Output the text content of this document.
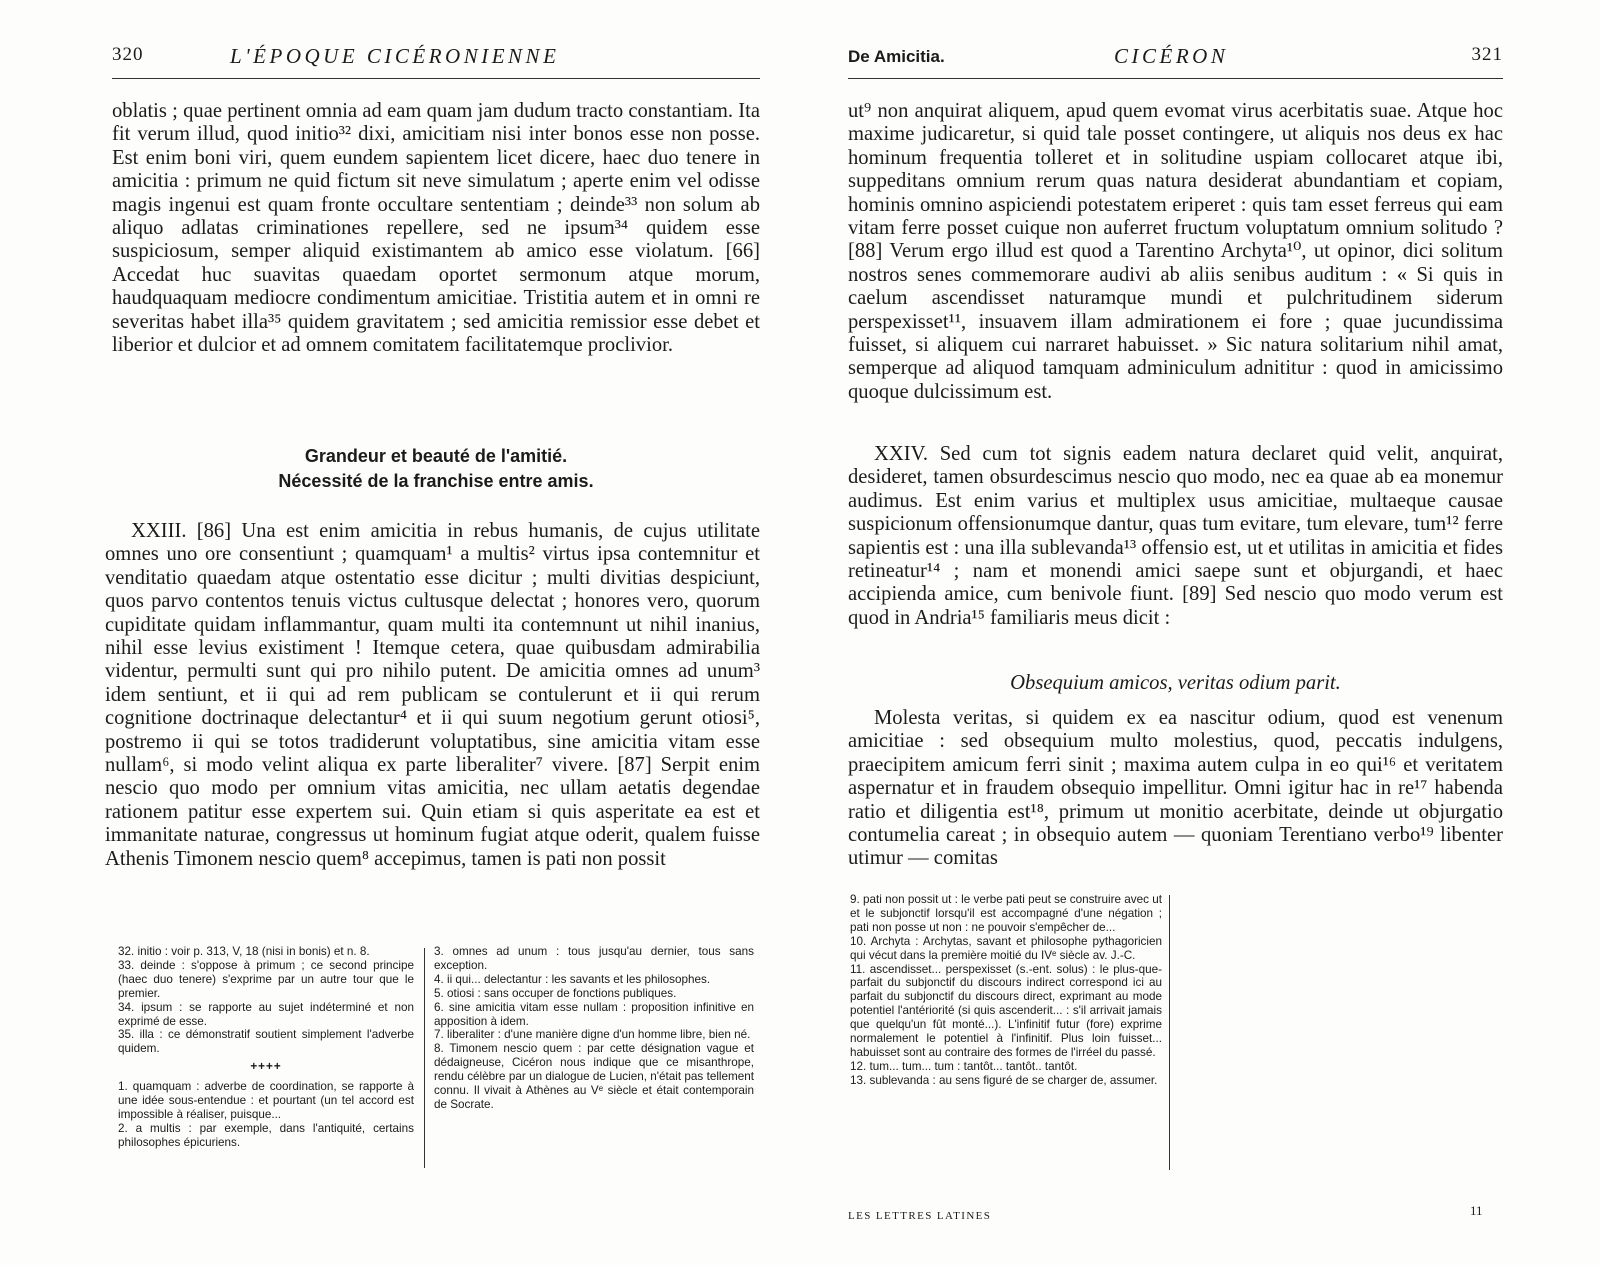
320	L'ÉPOQUE CICÉRONIENNE

oblatis ; quae pertinent omnia ad eam quam jam dudum tracto constantiam. Ita fit verum illud, quod initio³² dixi, amicitiam nisi inter bonos esse non posse. Est enim boni viri, quem eundem sapientem licet dicere, haec duo tenere in amicitia : primum ne quid fictum sit neve simulatum ; aperte enim vel odisse magis ingenui est quam fronte occultare sententiam ; deinde³³ non solum ab aliquo adlatas criminationes repellere, sed ne ipsum³⁴ quidem esse suspiciosum, semper aliquid existimantem ab amico esse violatum. [66] Accedat huc suavitas quaedam oportet sermonum atque morum, haudquaquam mediocre condimentum amicitiae. Tristitia autem et in omni re severitas habet illa³⁵ quidem gravitatem ; sed amicitia remissior esse debet et liberior et dulcior et ad omnem comitatem facilitatemque proclivior.

Grandeur et beauté de l'amitié.
Nécessité de la franchise entre amis.

XXIII. [86] Una est enim amicitia in rebus humanis, de cujus utilitate omnes uno ore consentiunt ; quamquam¹ a multis² virtus ipsa contemnitur et venditatio quaedam atque ostentatio esse dicitur ; multi divitias despiciunt, quos parvo contentos tenuis victus cultusque delectat ; honores vero, quorum cupiditate quidam inflammantur, quam multi ita contemnunt ut nihil inanius, nihil esse levius existiment ! Itemque cetera, quae quibusdam admirabilia videntur, permulti sunt qui pro nihilo putent. De amicitia omnes ad unum³ idem sentiunt, et ii qui ad rem publicam se contulerunt et ii qui rerum cognitione doctrinaque delectantur⁴ et ii qui suum negotium gerunt otiosi⁵, postremo ii qui se totos tradiderunt voluptatibus, sine amicitia vitam esse nullam⁶, si modo velint aliqua ex parte liberaliter⁷ vivere. [87] Serpit enim nescio quo modo per omnium vitas amicitia, nec ullam aetatis degendae rationem patitur esse expertem sui. Quin etiam si quis asperitate ea est et immanitate naturae, congressus ut hominum fugiat atque oderit, qualem fuisse Athenis Timonem nescio quem⁸ accepimus, tamen is pati non possit

32. initio : voir p. 313, V, 18 (nisi in bonis) et n. 8.

33. deinde : s'oppose à primum ; ce second principe (haec duo tenere) s'exprime par un autre tour que le premier.

34. ipsum : se rapporte au sujet indéterminé et non exprimé de esse.

35. illa : ce démonstratif soutient simplement l'adverbe quidem.

++++

1. quamquam : adverbe de coordination, se rapporte à une idée sous-entendue : et pourtant (un tel accord est impossible à réaliser, puisque...

2. a multis : par exemple, dans l'antiquité, certains philosophes épicuriens.

3. omnes ad unum : tous jusqu'au dernier, tous sans exception.

4. ii qui... delectantur : les savants et les philosophes.

5. otiosi : sans occuper de fonctions publiques.

6. sine amicitia vitam esse nullam : proposition infinitive en apposition à idem.

7. liberaliter : d'une manière digne d'un homme libre, bien né.

8. Timonem nescio quem : par cette désignation vague et dédaigneuse, Cicéron nous indique que ce misanthrope, rendu célèbre par un dialogue de Lucien, n'était pas tellement connu. Il vivait à Athènes au Vᵉ siècle et était contemporain de Socrate.

De Amicitia.	CICÉRON	321

ut⁹ non anquirat aliquem, apud quem evomat virus acerbitatis suae. Atque hoc maxime judicaretur, si quid tale posset contingere, ut aliquis nos deus ex hac hominum frequentia tolleret et in solitudine uspiam collocaret atque ibi, suppeditans omnium rerum quas natura desiderat abundantiam et copiam, hominis omnino aspiciendi potestatem eriperet : quis tam esset ferreus qui eam vitam ferre posset cuique non auferret fructum voluptatum omnium solitudo ? [88] Verum ergo illud est quod a Tarentino Archyta¹⁰, ut opinor, dici solitum nostros senes commemorare audivi ab aliis senibus auditum : « Si quis in caelum ascendisset naturamque mundi et pulchritudinem siderum perspexisset¹¹, insuavem illam admirationem ei fore ; quae jucundissima fuisset, si aliquem cui narraret habuisset. » Sic natura solitarium nihil amat, semperque ad aliquod tamquam adminiculum adnititur : quod in amicissimo quoque dulcissimum est.

XXIV. Sed cum tot signis eadem natura declaret quid velit, anquirat, desideret, tamen obsurdescimus nescio quo modo, nec ea quae ab ea monemur audimus. Est enim varius et multiplex usus amicitiae, multaeque causae suspicionum offensionumque dantur, quas tum evitare, tum elevare, tum¹² ferre sapientis est : una illa sublevanda¹³ offensio est, ut et utilitas in amicitia et fides retineatur¹⁴ ; nam et monendi amici saepe sunt et objurgandi, et haec accipienda amice, cum benivole fiunt. [89] Sed nescio quo modo verum est quod in Andria¹⁵ familiaris meus dicit :

Obsequium amicos, veritas odium parit.

Molesta veritas, si quidem ex ea nascitur odium, quod est venenum amicitiae : sed obsequium multo molestius, quod, peccatis indulgens, praecipitem amicum ferri sinit ; maxima autem culpa in eo qui¹⁶ et veritatem aspernatur et in fraudem obsequio impellitur. Omni igitur hac in re¹⁷ habenda ratio et diligentia est¹⁸, primum ut monitio acerbitate, deinde ut objurgatio contumelia careat ; in obsequio autem — quoniam Terentiano verbo¹⁹ libenter utimur — comitas

9. pati non possit ut : le verbe pati peut se construire avec ut et le subjonctif lorsqu'il est accompagné d'une négation ; pati non posse ut non : ne pouvoir s'empêcher de...

10. Archyta : Archytas, savant et philosophe pythagoricien qui vécut dans la première moitié du IVᵉ siècle av. J.-C.

11. ascendisset... perspexisset (s.-ent. solus) : le plus-que-parfait du subjonctif du discours indirect correspond ici au parfait du subjonctif du discours direct, exprimant au mode potentiel l'antériorité (si quis ascenderit... : s'il arrivait jamais que quelqu'un fût monté...). L'infinitif futur (fore) exprime normalement le potentiel à l'infinitif. Plus loin fuisset... habuisset sont au contraire des formes de l'irréel du passé.

12. tum... tum... tum : tantôt... tantôt.. tantôt.

13. sublevanda : au sens figuré de se charger de, assumer.

LES LETTRES LATINES	11
